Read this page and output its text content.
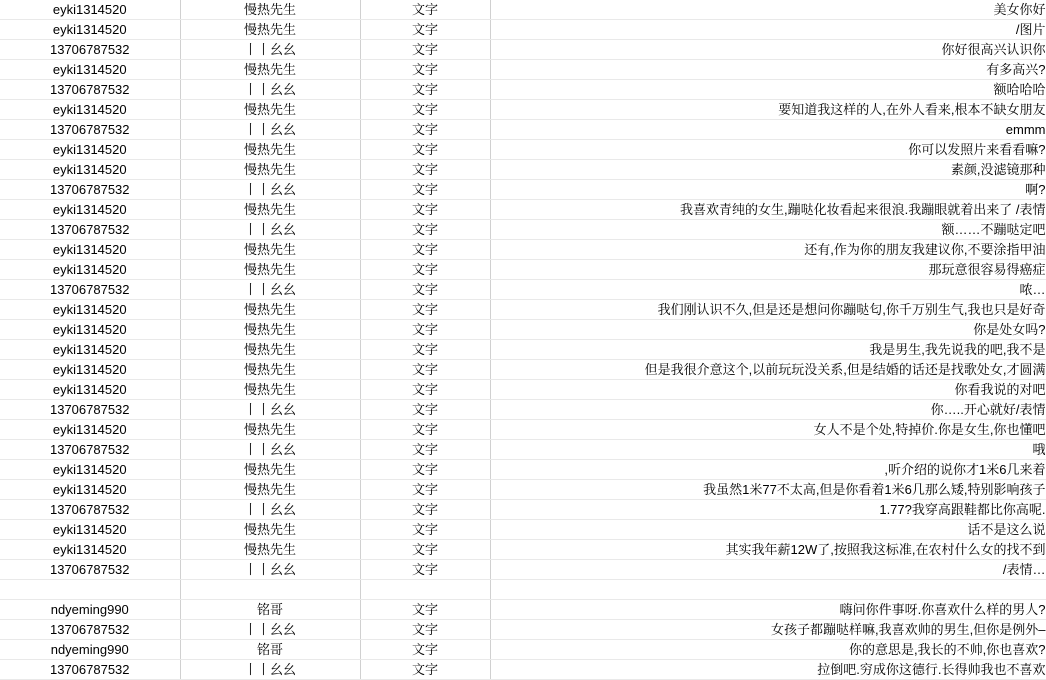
eyki1314520	慢热先生	文字	美女你好
eyki1314520	慢热先生	文字	/图片
13706787532	丨丨幺幺	文字	你好很高兴认识你
eyki1314520	慢热先生	文字	有多高兴?
13706787532	丨丨幺幺	文字	额哈哈哈
eyki1314520	慢热先生	文字	要知道我这样的人,在外人看来,根本不缺女朋友
13706787532	丨丨幺幺	文字	emmm
eyki1314520	慢热先生	文字	你可以发照片来看看嘛?
eyki1314520	慢热先生	文字	素颜,没滤镜那种
13706787532	丨丨幺幺	文字	啊?
eyki1314520	慢热先生	文字	我喜欢青纯的女生,蹦哒化妆看起来很浪.我蹦眼就着出来了 /表情
13706787532	丨丨幺幺	文字	额……不蹦哒定吧
eyki1314520	慢热先生	文字	还有,作为你的朋友我建议你,不要涂指甲油
eyki1314520	慢热先生	文字	那玩意很容易得癌症
13706787532	丨丨幺幺	文字	哝…
eyki1314520	慢热先生	文字	我们刚认识不久,但是还是想问你蹦哒匂,你千万别生气,我也只是好奇
eyki1314520	慢热先生	文字	你是处女吗?
eyki1314520	慢热先生	文字	我是男生,我先说我的吧,我不是
eyki1314520	慢热先生	文字	但是我很介意这个,以前玩玩没关系,但是结婚的话还是找歌处女,才圆满
eyki1314520	慢热先生	文字	你看我说的对吧
13706787532	丨丨幺幺	文字	你…..开心就好/表情
eyki1314520	慢热先生	文字	女人不是个处,特掉价.你是女生,你也懂吧
13706787532	丨丨幺幺	文字	哦
eyki1314520	慢热先生	文字	,听介绍的说你才1米6几来着
eyki1314520	慢热先生	文字	我虽然1米77不太高,但是你看着1米6几那么矮,特别影响孩子
13706787532	丨丨幺幺	文字	1.77?我穿高跟鞋都比你高呢.
eyki1314520	慢热先生	文字	话不是这么说
eyki1314520	慢热先生	文字	其实我年薪12W了,按照我这标准,在农村什么女的找不到
13706787532	丨丨幺幺	文字	/表情…

ndyeming990	铭哥	文字	嗨问你件事呀.你喜欢什么样的男人?
13706787532	丨丨幺幺	文字	女孩子都蹦哒样嘛,我喜欢帅的男生,但你是例外–
ndyeming990	铭哥	文字	你的意思是,我长的不帅,你也喜欢?
13706787532	丨丨幺幺	文字	拉倒吧.穷成你这德行.长得帅我也不喜欢
